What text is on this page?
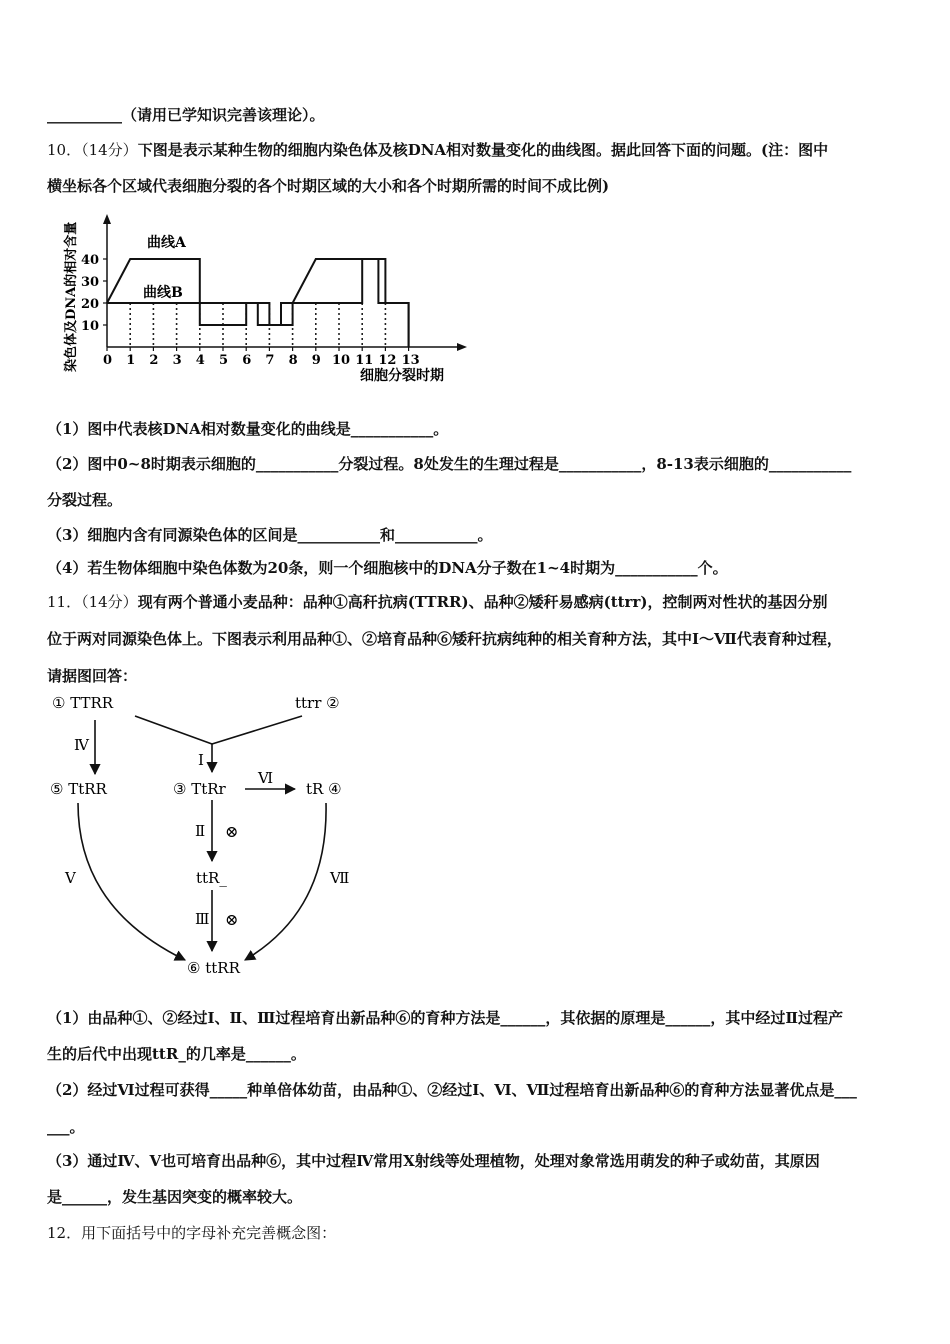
__________（请用已学知识完善该理论）。
10．（14分）下图是表示某种生物的细胞内染色体及核DNA相对数量变化的曲线图。据此回答下面的问题。(注：图中
横坐标各个区域代表细胞分裂的各个时期区域的大小和各个时期所需的时间不成比例)
10
20
30
40
0 1 2 3 4 5 6 7 8 9 10 11 12 13
曲线A
曲线B
细胞分裂时期
染色体及DNA的相对含量
（1）图中代表核DNA相对数量变化的曲线是___________。
（2）图中0~8时期表示细胞的___________分裂过程。8处发生的生理过程是___________，8-13表示细胞的___________
分裂过程。
（3）细胞内含有同源染色体的区间是___________和___________。
（4）若生物体细胞中染色体数为20条，则一个细胞核中的DNA分子数在1~4时期为___________个。
11．（14分）现有两个普通小麦品种：品种①高秆抗病(TTRR)、品种②矮秆易感病(ttrr)，控制两对性状的基因分别
位于两对同源染色体上。下图表示利用品种①、②培育品种⑥矮秆抗病纯种的相关育种方法，其中Ⅰ～Ⅶ代表育种过程，
请据图回答：
① TTRR	ttrr ②
⑤ TtRR	③ TtRr	tR ④
ttR_
⑥ ttRR
Ⅳ
Ⅰ
Ⅵ
Ⅱ ⊗
Ⅲ ⊗
Ⅴ	Ⅶ
（1）由品种①、②经过Ⅰ、Ⅱ、Ⅲ过程培育出新品种⑥的育种方法是______，其依据的原理是______，其中经过Ⅱ过程产
生的后代中出现ttR_的几率是______。
（2）经过Ⅵ过程可获得_____种单倍体幼苗，由品种①、②经过Ⅰ、Ⅵ、Ⅶ过程培育出新品种⑥的育种方法显著优点是___
___。
（3）通过Ⅳ、Ⅴ也可培育出品种⑥，其中过程Ⅳ常用X射线等处理植物，处理对象常选用萌发的种子或幼苗，其原因
是______，发生基因突变的概率较大。
12．用下面括号中的字母补充完善概念图：
